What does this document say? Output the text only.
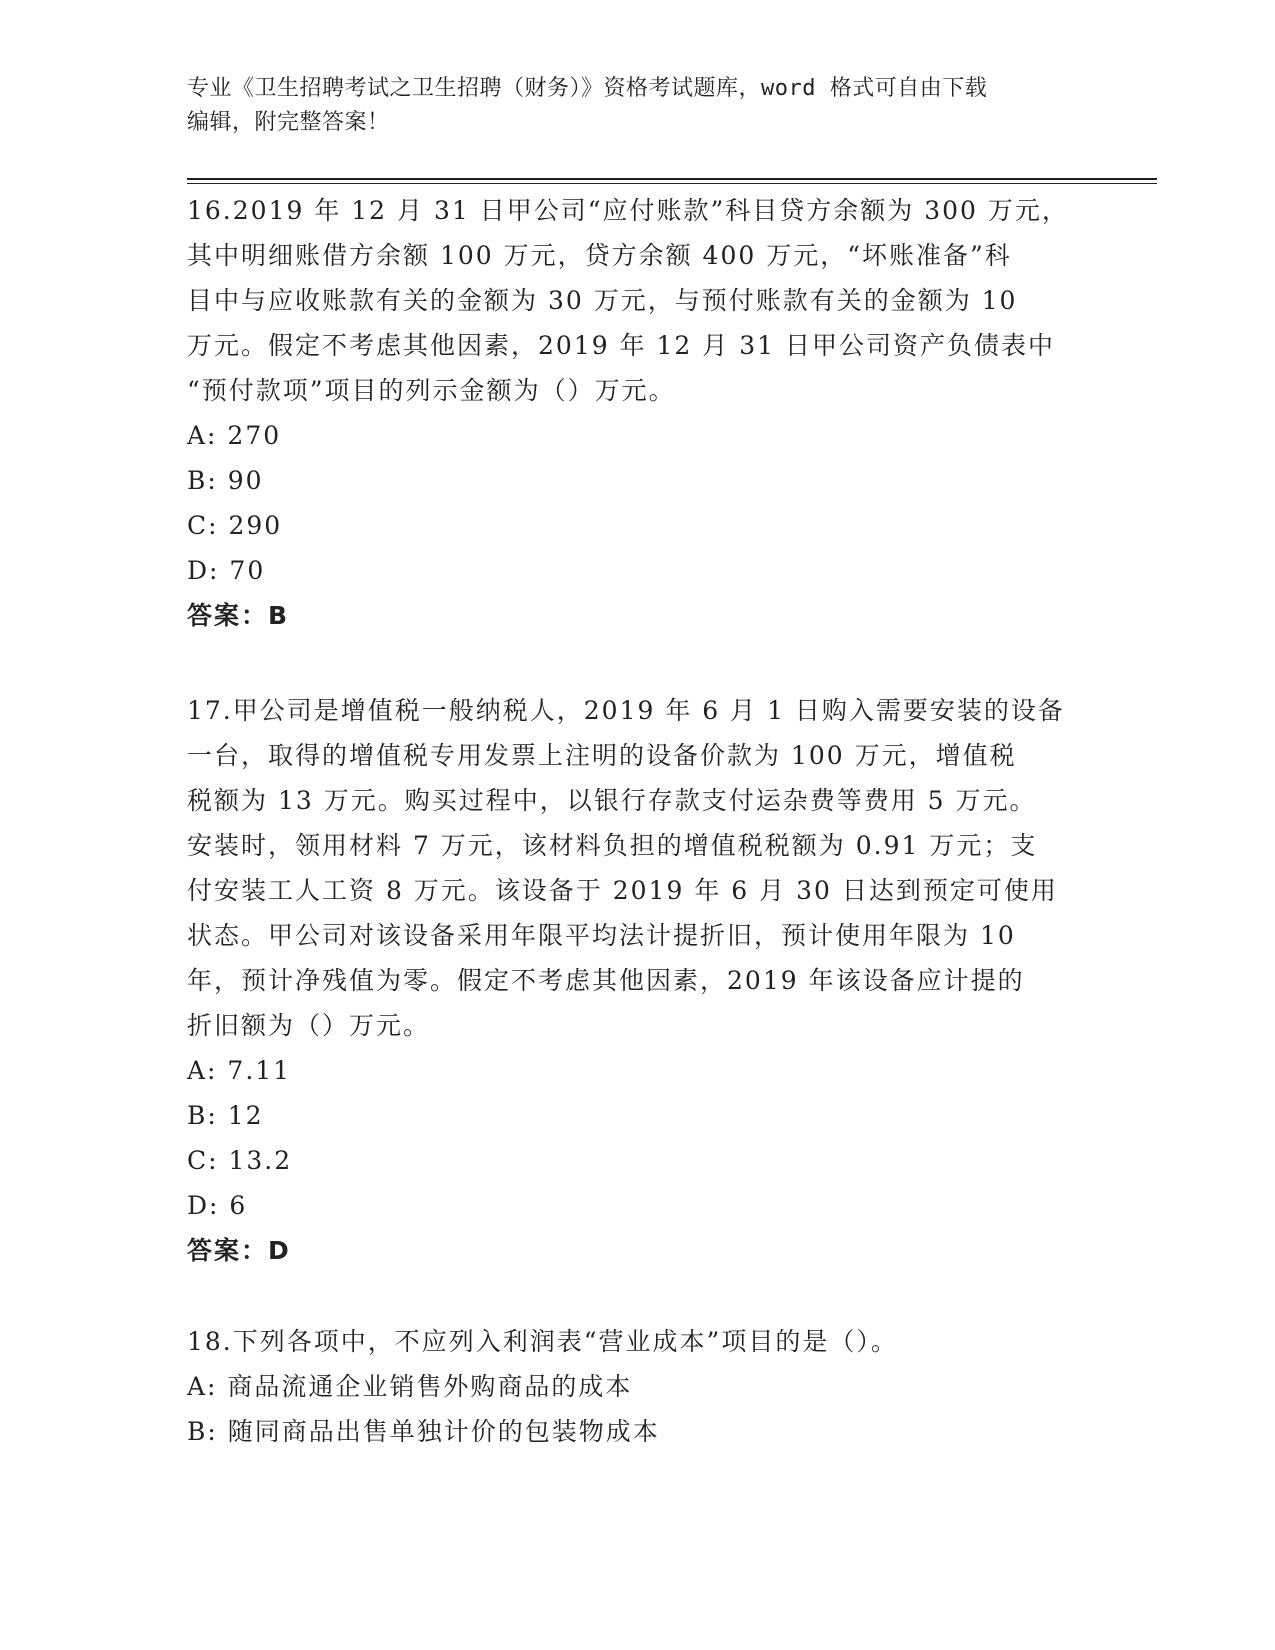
专业《卫生招聘考试之卫生招聘（财务）》资格考试题库，word 格式可自由下载
编辑，附完整答案！
16.2019 年 12 月 31 日甲公司“应付账款”科目贷方余额为 300 万元，
其中明细账借方余额 100 万元，贷方余额 400 万元，“坏账准备”科
目中与应收账款有关的金额为 30 万元，与预付账款有关的金额为 10
万元。假定不考虑其他因素，2019 年 12 月 31 日甲公司资产负债表中
“预付款项”项目的列示金额为（）万元。
A: 270
B: 90
C: 290
D: 70
答案：B
17.甲公司是增值税一般纳税人，2019 年 6 月 1 日购入需要安装的设备
一台，取得的增值税专用发票上注明的设备价款为 100 万元，增值税
税额为 13 万元。购买过程中，以银行存款支付运杂费等费用 5 万元。
安装时，领用材料 7 万元，该材料负担的增值税税额为 0.91 万元；支
付安装工人工资 8 万元。该设备于 2019 年 6 月 30 日达到预定可使用
状态。甲公司对该设备采用年限平均法计提折旧，预计使用年限为 10
年，预计净残值为零。假定不考虑其他因素，2019 年该设备应计提的
折旧额为（）万元。
A: 7.11
B: 12
C: 13.2
D: 6
答案：D
18.下列各项中，不应列入利润表“营业成本”项目的是（）。
A: 商品流通企业销售外购商品的成本
B: 随同商品出售单独计价的包装物成本
